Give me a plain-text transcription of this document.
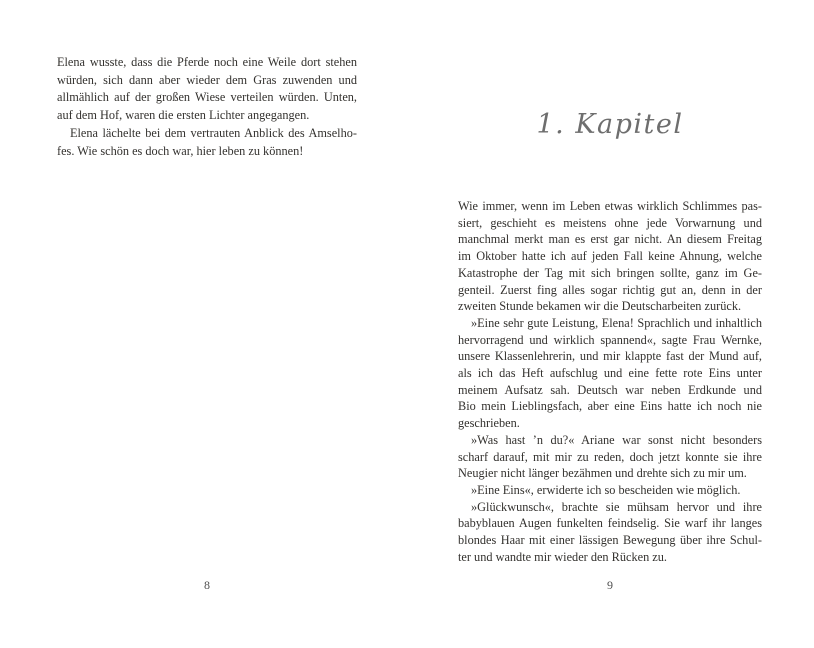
Elena wusste, dass die Pferde noch eine Weile dort stehen
würden, sich dann aber wieder dem Gras zuwenden und
allmählich auf der großen Wiese verteilen würden. Unten,
auf dem Hof, waren die ersten Lichter angegangen.
Elena lächelte bei dem vertrauten Anblick des Amselho-
fes. Wie schön es doch war, hier leben zu können!
8
1. Kapitel
Wie immer, wenn im Leben etwas wirklich Schlimmes pas-
siert, geschieht es meistens ohne jede Vorwarnung und
manchmal merkt man es erst gar nicht. An diesem Freitag
im Oktober hatte ich auf jeden Fall keine Ahnung, welche
Katastrophe der Tag mit sich bringen sollte, ganz im Ge-
genteil. Zuerst fing alles sogar richtig gut an, denn in der
zweiten Stunde bekamen wir die Deutscharbeiten zurück.
»Eine sehr gute Leistung, Elena! Sprachlich und inhaltlich
hervorragend und wirklich spannend«, sagte Frau Wernke,
unsere Klassenlehrerin, und mir klappte fast der Mund auf,
als ich das Heft aufschlug und eine fette rote Eins unter
meinem Aufsatz sah. Deutsch war neben Erdkunde und
Bio mein Lieblingsfach, aber eine Eins hatte ich noch nie
geschrieben.
»Was hast ’n du?« Ariane war sonst nicht besonders
scharf darauf, mit mir zu reden, doch jetzt konnte sie ihre
Neugier nicht länger bezähmen und drehte sich zu mir um.
»Eine Eins«, erwiderte ich so bescheiden wie möglich.
»Glückwunsch«, brachte sie mühsam hervor und ihre
babyblauen Augen funkelten feindselig. Sie warf ihr langes
blondes Haar mit einer lässigen Bewegung über ihre Schul-
ter und wandte mir wieder den Rücken zu.
9
